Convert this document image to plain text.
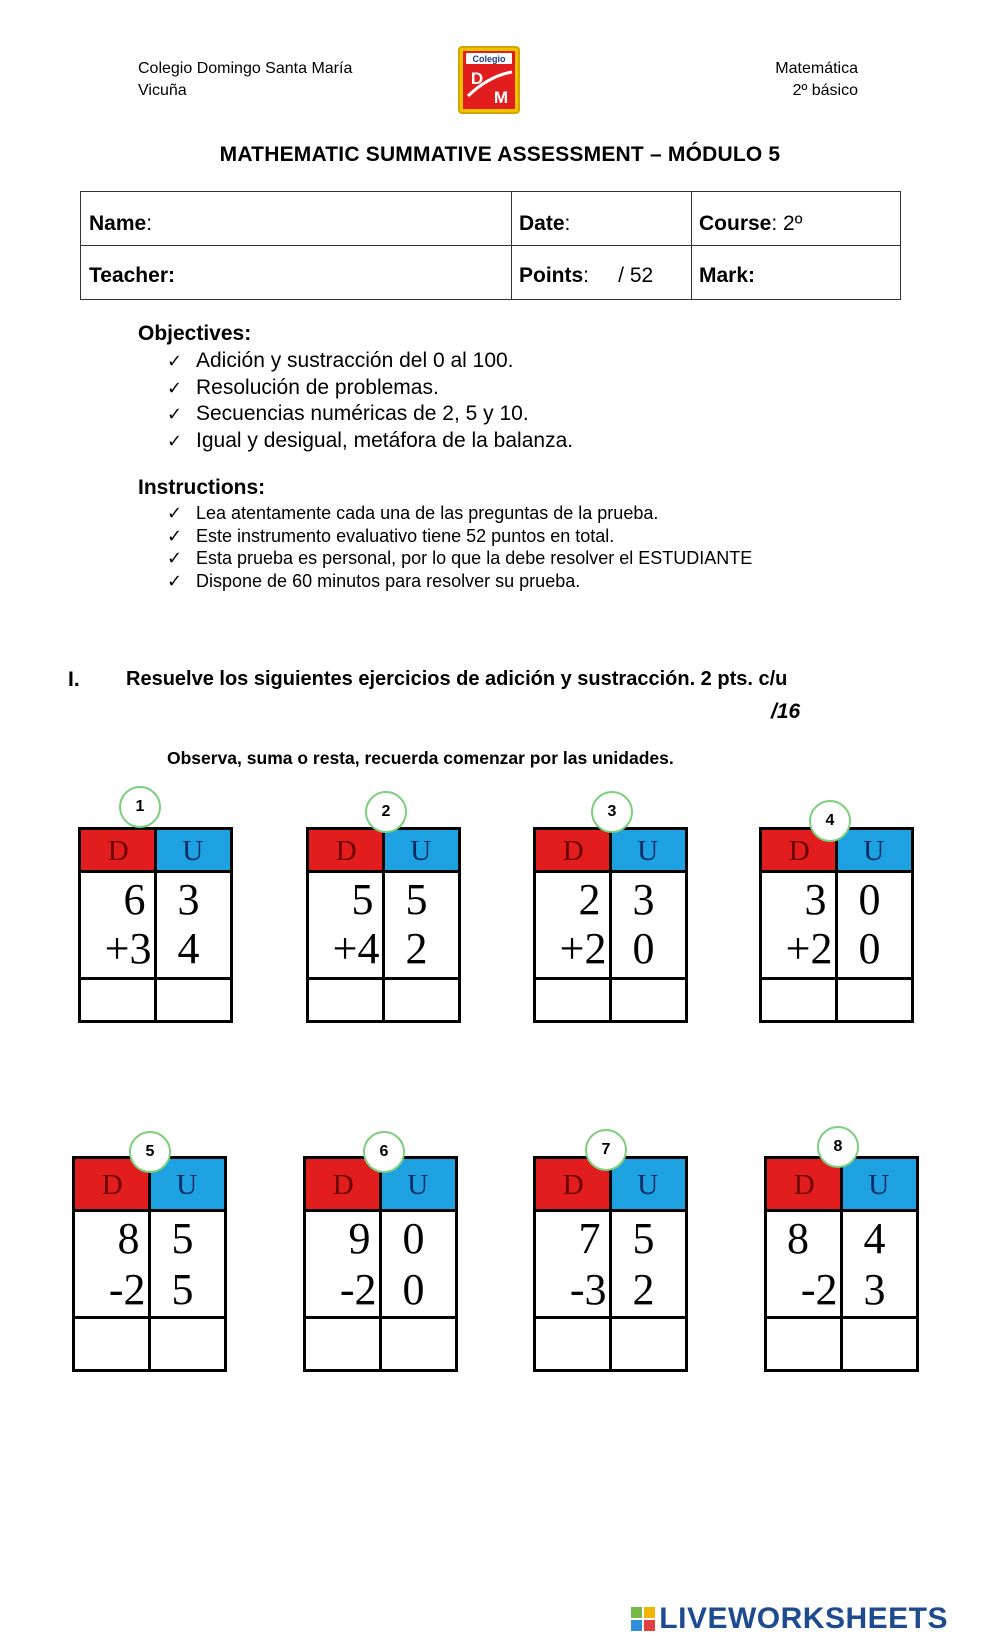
Colegio Domingo Santa María
Vicuña
Colegio
D
M
Matemática
2º básico
MATHEMATIC SUMMATIVE ASSESSMENT – MÓDULO 5
Name:	Date:	Course: 2º
Teacher:	Points:     / 52 Mark:
Objectives:
✓ Adición y sustracción del 0 al 100.
✓ Resolución de problemas.
✓ Secuencias numéricas de 2, 5 y 10.
✓ Igual y desigual, metáfora de la balanza.
Instructions:
✓ Lea atentamente cada una de las preguntas de la prueba.
✓ Este instrumento evaluativo tiene 52 puntos en total.
✓ Esta prueba es personal, por lo que la debe resolver el ESTUDIANTE
✓ Dispone de 60 minutos para resolver su prueba.
I. Resuelve los siguientes ejercicios de adición y sustracción. 2 pts. c/u
/16
Observa, suma o resta, recuerda comenzar por las unidades.
1
D	U
6 3
+3 4
2
D	U
5 5
+4 2
3
D	U
2 3
+2 0
4
D	U
3 0
+2 0
5
D	U
8 5
-2 5
6
D	U
9 0
-2 0
7
D	U
7 5
-3 2
8
D	U
8 4
-2 3
LIVEWORKSHEETS
